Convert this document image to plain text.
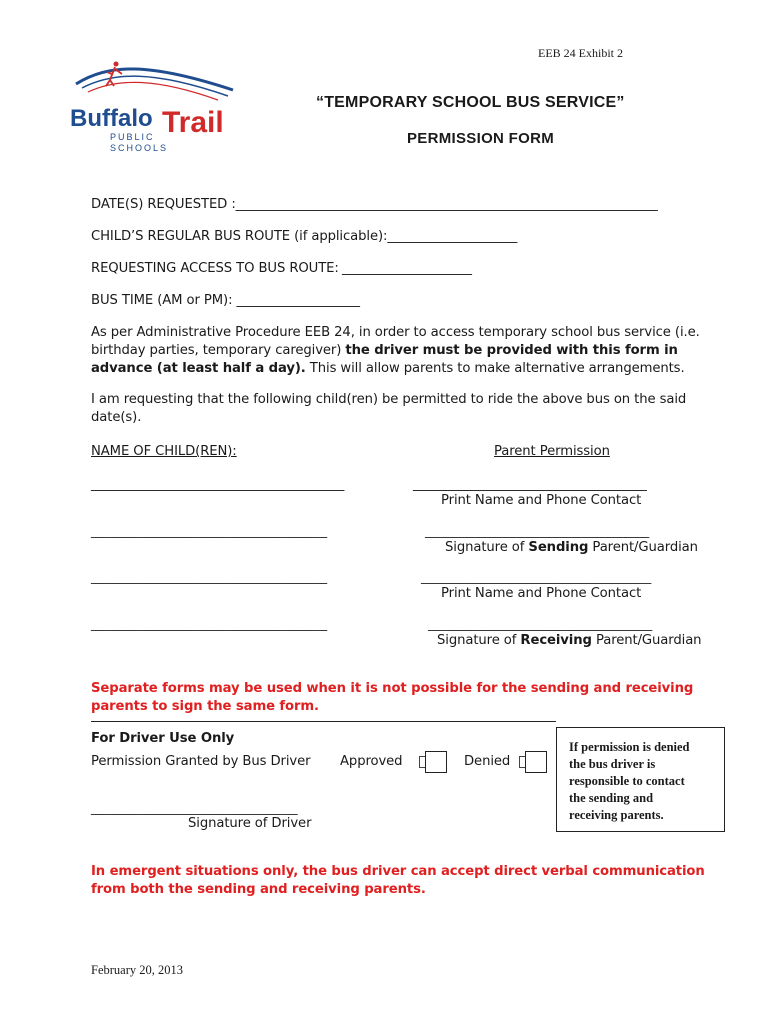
EEB 24 Exhibit 2
Buffalo Trail
PUBLIC
SCHOOLS
“TEMPORARY SCHOOL BUS SERVICE”
PERMISSION FORM
DATE(S) REQUESTED :_________________________________________________________________
CHILD’S REGULAR BUS ROUTE (if applicable):____________________
REQUESTING ACCESS TO BUS ROUTE: ____________________
BUS TIME (AM or PM): ___________________
As per Administrative Procedure EEB 24, in order to access temporary school bus service (i.e. birthday parties, temporary caregiver) the driver must be provided with this form in advance (at least half a day). This will allow parents to make alternative arrangements.
I am requesting that the following child(ren) be permitted to ride the above bus on the said date(s).
NAME OF CHILD(REN):	Parent Permission
_______________________________________	____________________________________
Print Name and Phone Contact
________________________________________	______________________________________
Signature of Sending Parent/Guardian
________________________________________	_______________________________________
Print Name and Phone Contact
________________________________________	______________________________________
Signature of Receiving Parent/Guardian
Separate forms may be used when it is not possible for the sending and receiving parents to sign the same form.
For Driver Use Only
Permission Granted by Bus Driver Approved	Denied
If permission is denied
the bus driver is
responsible to contact
the sending and
receiving parents.
___________________________________
Signature of Driver
In emergent situations only, the bus driver can accept direct verbal communication from both the sending and receiving parents.
February 20, 2013
